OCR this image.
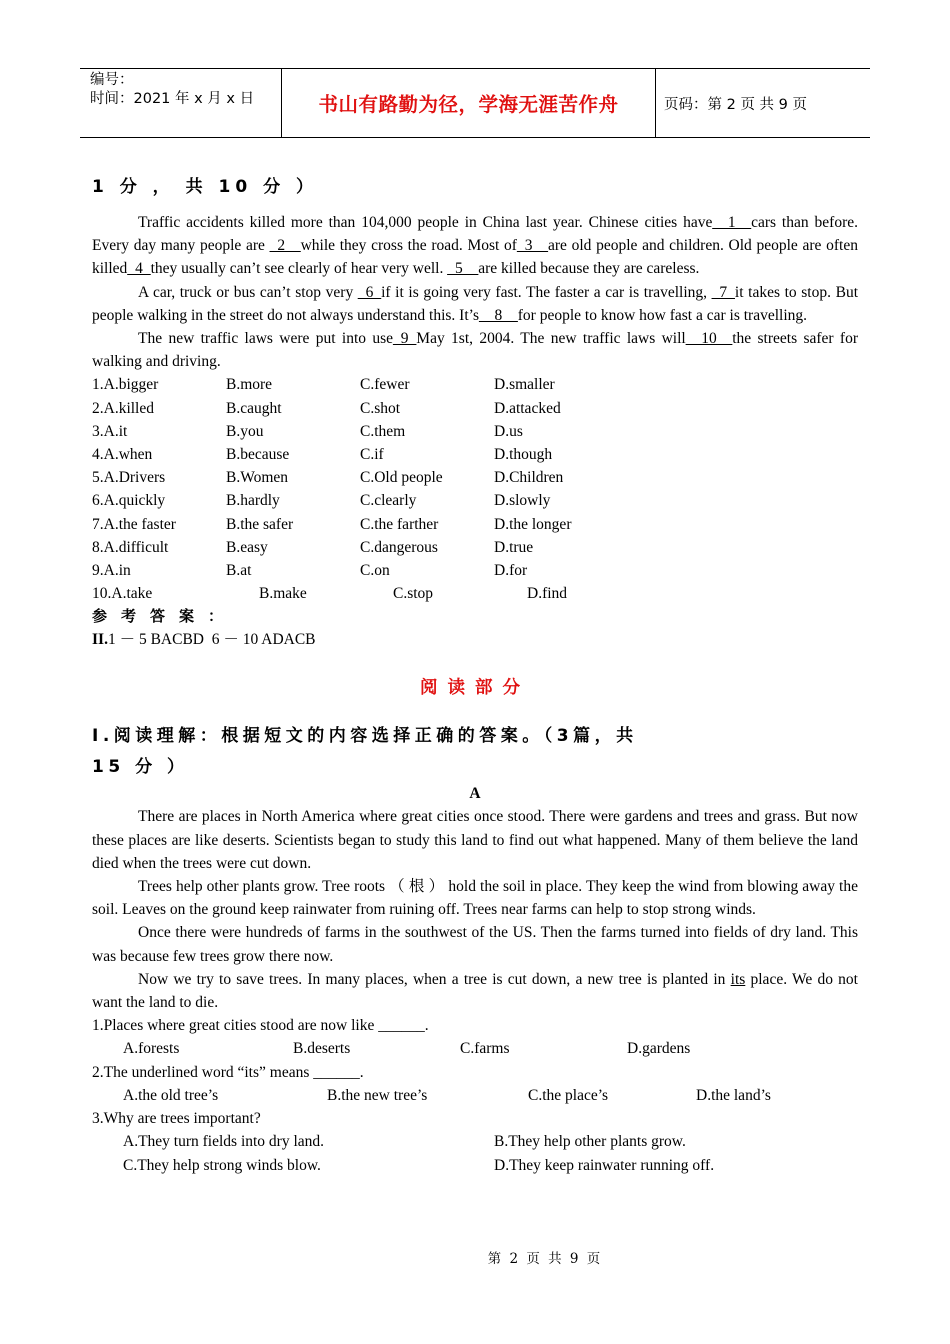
编号：
时间：2021 年 x 月 x 日	书山有路勤为径，学海无涯苦作舟	页码：第 2 页 共 9 页
1 分 ， 共 10 分 ）

Traffic accidents killed more than 104,000 people in China last year. Chinese cities have__1__cars than before. Every day many people are _2__while they cross the road. Most of_3__are old people and children. Old people are often killed_4_they usually can’t see clearly of hear very well. _5__are killed because they are careless.

A car, truck or bus can’t stop very _6_if it is going very fast. The faster a car is travelling, _7_it takes to stop. But people walking in the street do not always understand this. It’s__8__for people to know how fast a car is travelling.

The new traffic laws were put into use_9_May 1st, 2004. The new traffic laws will__10__the streets safer for walking and driving.

1.A.bigger	B.more	C.fewer	D.smaller
2.A.killed	B.caught	C.shot	D.attacked
3.A.it	B.you	C.them	D.us
4.A.when	B.because	C.if	D.though
5.A.Drivers	B.Women	C.Old people	D.Children
6.A.quickly	B.hardly	C.clearly	D.slowly
7.A.the faster	B.the safer	C.the farther	D.the longer
8.A.difficult	B.easy	C.dangerous	D.true
9.A.in	B.at	C.on	D.for
10.A.take	B.make	C.stop	D.find
参考答案：
II.1 － 5 BACBD  6 － 10 ADACB
阅读部分
I.阅读理解：根据短文的内容选择正确的答案。（3篇，共
15 分 ）
A

There are places in North America where great cities once stood. There were gardens and trees and grass. But now these places are like deserts. Scientists began to study this land to find out what happened. Many of them believe the land died when the trees were cut down.

Trees help other plants grow. Tree roots （ 根 ） hold the soil in place. They keep the wind from blowing away the soil. Leaves on the ground keep rainwater from ruining off. Trees near farms can help to stop strong winds.

Once there were hundreds of farms in the southwest of the US. Then the farms turned into fields of dry land. This was because few trees grow there now.

Now we try to save trees. In many places, when a tree is cut down, a new tree is planted in its place. We do not want the land to die.

1.Places where great cities stood are now like ______.
A.forests	B.deserts	C.farms	D.gardens
2.The underlined word “its” means ______.
A.the old tree’s	B.the new tree’s	C.the place’s	D.the land’s
3.Why are trees important?
A.They turn fields into dry land.	B.They help other plants grow.
C.They help strong winds blow.	D.They keep rainwater running off.
第 2 页 共 9 页
